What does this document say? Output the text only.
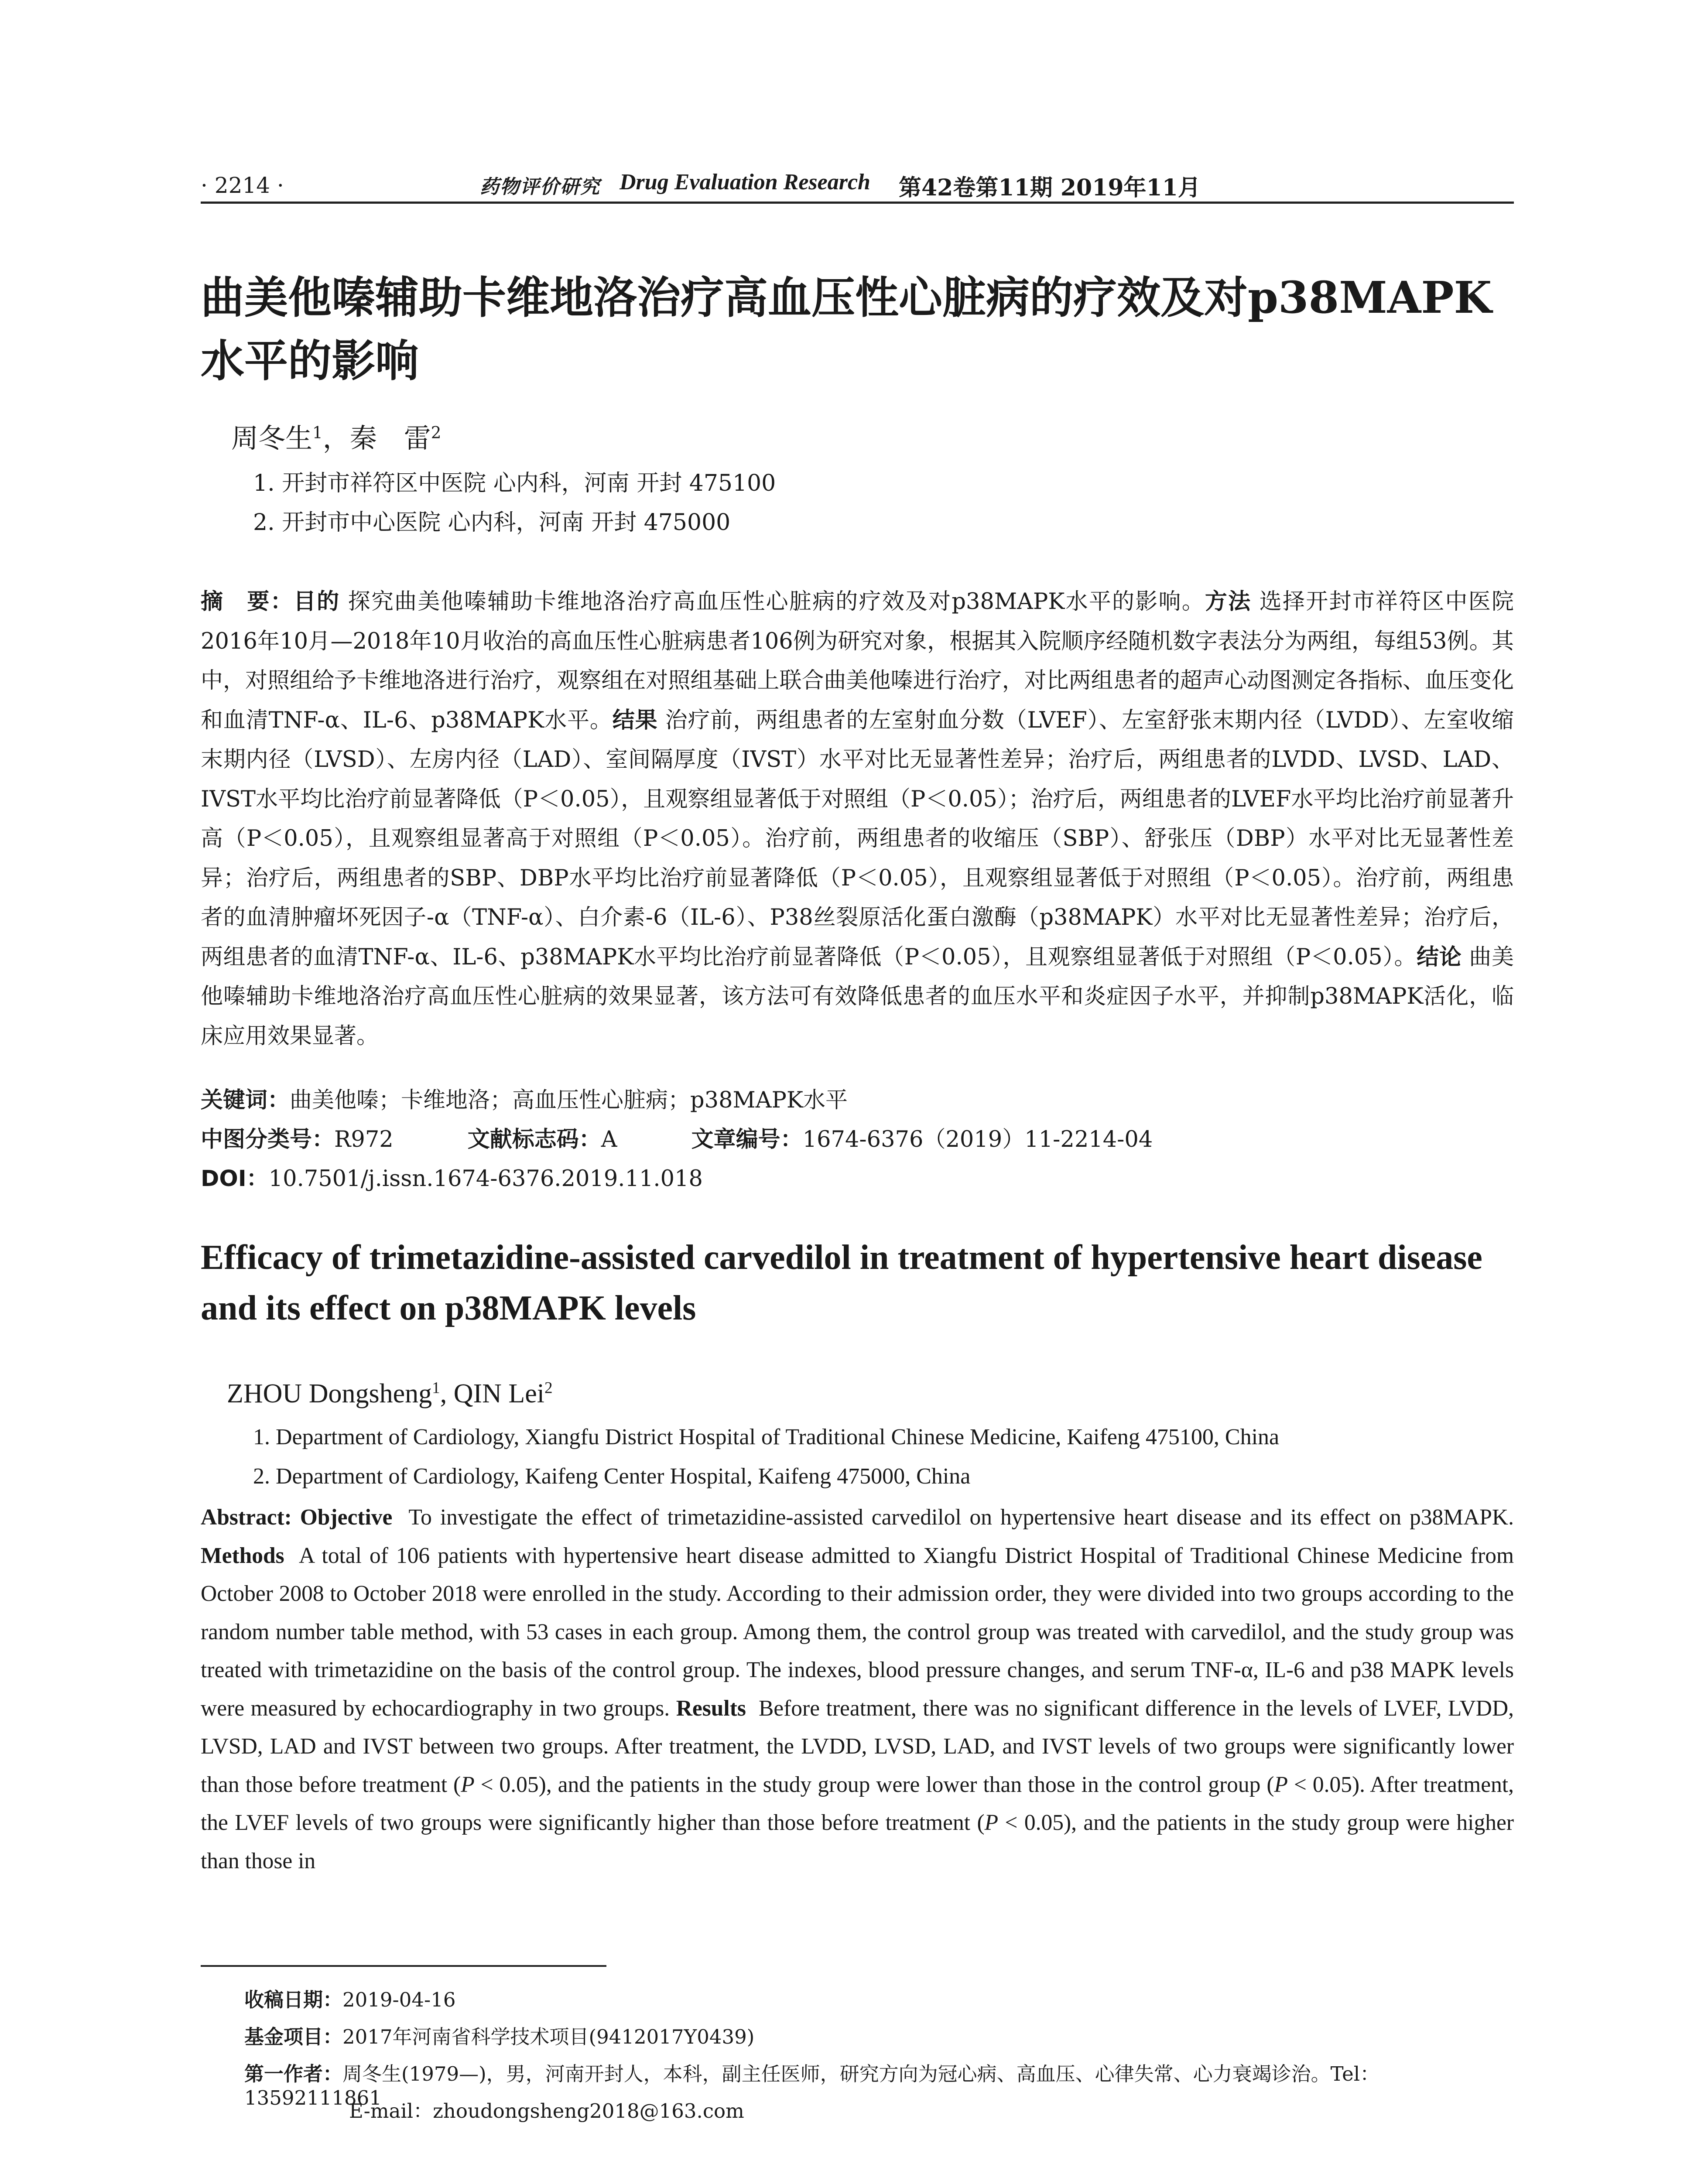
· 2214 ·	药物评价研究 Drug Evaluation Research 第42卷第11期 2019年11月
曲美他嗪辅助卡维地洛治疗高血压性心脏病的疗效及对p38MAPK水平的影响
周冬生$^1$，秦　雷$^2$
1. 开封市祥符区中医院 心内科，河南 开封 475100
2. 开封市中心医院 心内科，河南 开封 475000
摘　要：目的 探究曲美他嗪辅助卡维地洛治疗高血压性心脏病的疗效及对p38MAPK水平的影响。方法 选择开封市祥符区中医院2016年10月—2018年10月收治的高血压性心脏病患者106例为研究对象，根据其入院顺序经随机数字表法分为两组，每组53例。其中，对照组给予卡维地洛进行治疗，观察组在对照组基础上联合曲美他嗪进行治疗，对比两组患者的超声心动图测定各指标、血压变化和血清TNF-α、IL-6、p38MAPK水平。结果 治疗前，两组患者的左室射血分数（LVEF）、左室舒张末期内径（LVDD）、左室收缩末期内径（LVSD）、左房内径（LAD）、室间隔厚度（IVST）水平对比无显著性差异；治疗后，两组患者的LVDD、LVSD、LAD、IVST水平均比治疗前显著降低（P＜0.05），且观察组显著低于对照组（P＜0.05）；治疗后，两组患者的LVEF水平均比治疗前显著升高（P＜0.05），且观察组显著高于对照组（P＜0.05）。治疗前，两组患者的收缩压（SBP）、舒张压（DBP）水平对比无显著性差异；治疗后，两组患者的SBP、DBP水平均比治疗前显著降低（P＜0.05），且观察组显著低于对照组（P＜0.05）。治疗前，两组患者的血清肿瘤坏死因子-α（TNF-α）、白介素-6（IL-6）、P38丝裂原活化蛋白激酶（p38MAPK）水平对比无显著性差异；治疗后，两组患者的血清TNF-α、IL-6、p38MAPK水平均比治疗前显著降低（P＜0.05），且观察组显著低于对照组（P＜0.05）。结论 曲美他嗪辅助卡维地洛治疗高血压性心脏病的效果显著，该方法可有效降低患者的血压水平和炎症因子水平，并抑制p38MAPK活化，临床应用效果显著。
关键词：曲美他嗪；卡维地洛；高血压性心脏病；p38MAPK水平
中图分类号：R972	文献标志码：A	文章编号：1674-6376（2019）11-2214-04
DOI：10.7501/j.issn.1674-6376.2019.11.018
Efficacy of trimetazidine-assisted carvedilol in treatment of hypertensive heart disease and its effect on p38MAPK levels
ZHOU Dongsheng$^1$, QIN Lei$^2$
1. Department of Cardiology, Xiangfu District Hospital of Traditional Chinese Medicine, Kaifeng 475100, China
2. Department of Cardiology, Kaifeng Center Hospital, Kaifeng 475000, China
Abstract: Objective To investigate the effect of trimetazidine-assisted carvedilol on hypertensive heart disease and its effect on p38MAPK. Methods A total of 106 patients with hypertensive heart disease admitted to Xiangfu District Hospital of Traditional Chinese Medicine from October 2008 to October 2018 were enrolled in the study. According to their admission order, they were divided into two groups according to the random number table method, with 53 cases in each group. Among them, the control group was treated with carvedilol, and the study group was treated with trimetazidine on the basis of the control group. The indexes, blood pressure changes, and serum TNF-α, IL-6 and p38 MAPK levels were measured by echocardiography in two groups. Results Before treatment, there was no significant difference in the levels of LVEF, LVDD, LVSD, LAD and IVST between two groups. After treatment, the LVDD, LVSD, LAD, and IVST levels of two groups were significantly lower than those before treatment (P < 0.05), and the patients in the study group were lower than those in the control group (P < 0.05). After treatment, the LVEF levels of two groups were significantly higher than those before treatment (P < 0.05), and the patients in the study group were higher than those in
收稿日期：2019-04-16
基金项目：2017年河南省科学技术项目(9412017Y0439)
第一作者：周冬生(1979—)，男，河南开封人，本科，副主任医师，研究方向为冠心病、高血压、心律失常、心力衰竭诊治。Tel：13592111861
E-mail：zhoudongsheng2018@163.com
